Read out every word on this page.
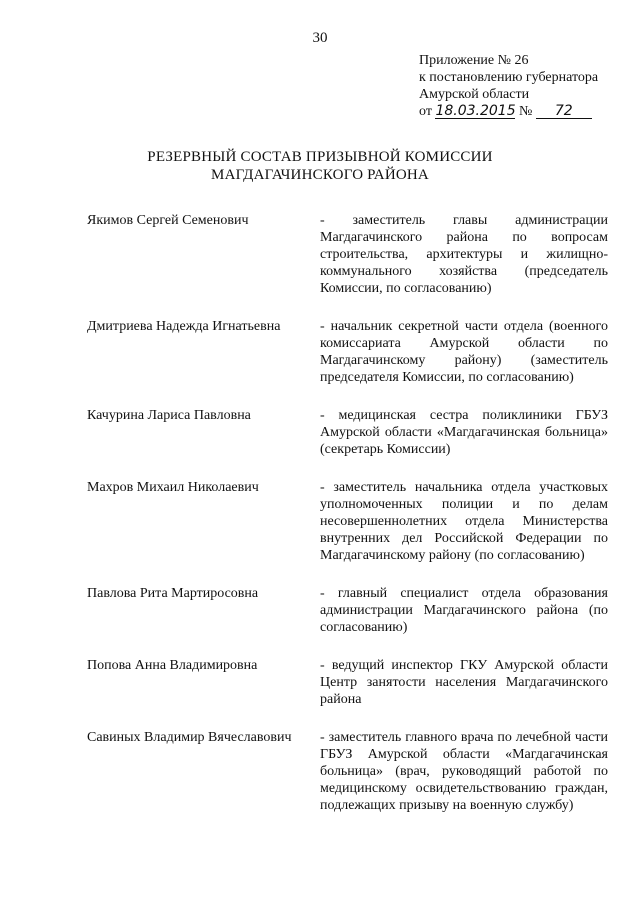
30
Приложение № 26
к постановлению губернатора
Амурской области
от 18.03.2015 № 72
РЕЗЕРВНЫЙ СОСТАВ ПРИЗЫВНОЙ КОМИССИИ
МАГДАГАЧИНСКОГО РАЙОНА
Якимов Сергей Семенович	- заместитель главы администрации Магдагачинского района по вопросам строительства, архитектуры и жилищно-коммунального хозяйства (председатель Комиссии, по согласованию)
Дмитриева Надежда Игнатьевна	- начальник секретной части отдела (военного комиссариата Амурской области по Магдагачинскому району) (заместитель председателя Комиссии, по согласованию)
Качурина Лариса Павловна	- медицинская сестра поликлиники ГБУЗ Амурской области «Магдагачинская больница» (секретарь Комиссии)
Махров Михаил Николаевич	- заместитель начальника отдела участковых уполномоченных полиции и по делам несовершеннолетних отдела Министерства внутренних дел Российской Федерации по Магдагачинскому району (по согласованию)
Павлова Рита Мартиросовна	- главный специалист отдела образования администрации Магдагачинского района (по согласованию)
Попова Анна Владимировна	- ведущий инспектор ГКУ Амурской области Центр занятости населения Магдагачинского района
Савиных Владимир Вячеславович	- заместитель главного врача по лечебной части ГБУЗ Амурской области «Магдагачинская больница» (врач, руководящий работой по медицинскому освидетельствованию граждан, подлежащих призыву на военную службу)
